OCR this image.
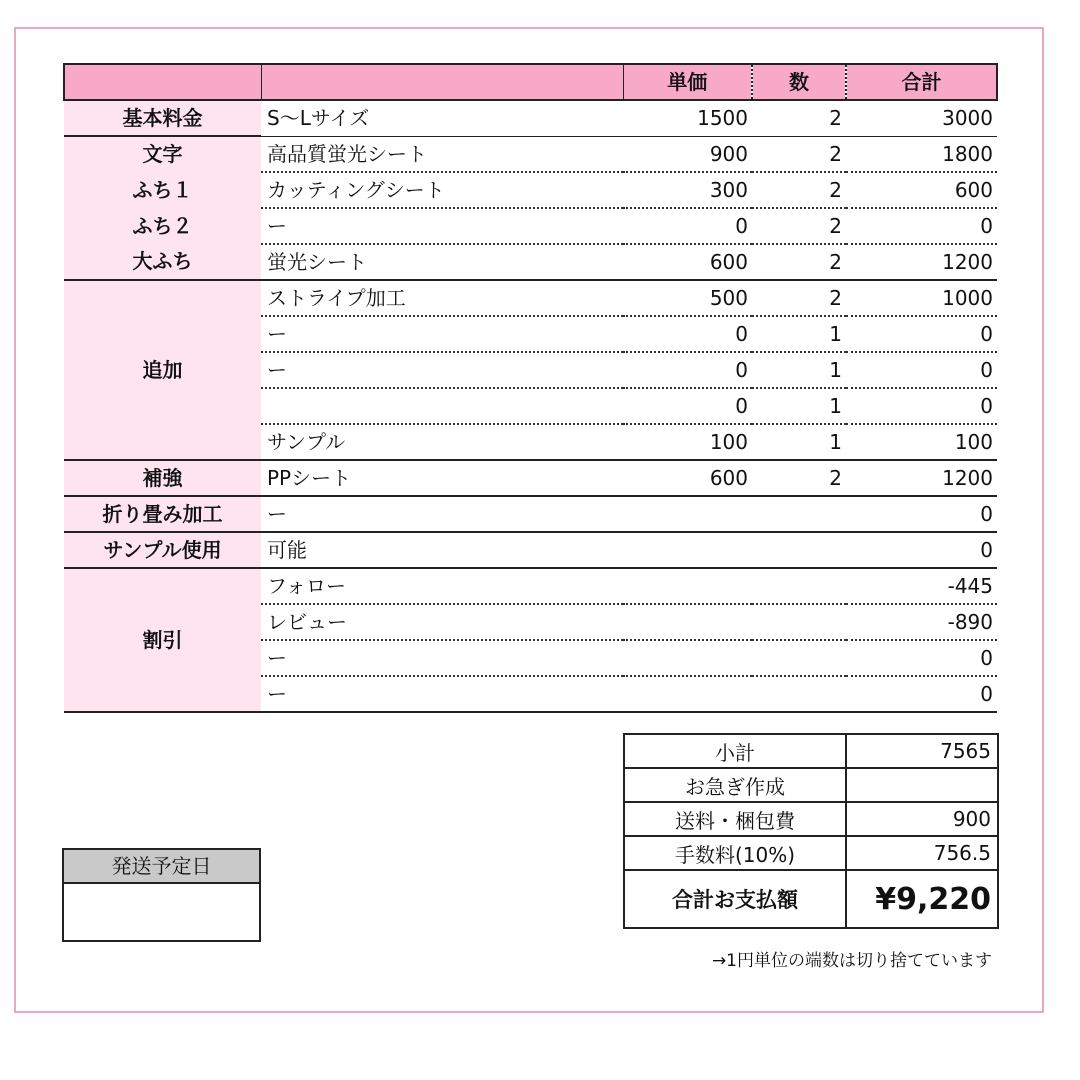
		単価	数	合計
基本料金	S〜Lサイズ	1500	2	3000
文字	高品質蛍光シート	900	2	1800
ふち１	カッティングシート	300	2	600
ふち２	ー	0	2	0
大ふち	蛍光シート	600	2	1200
追加	ストライプ加工	500	2	1000
	ー	0	1	0
	ー	0	1	0
		0	1	0
	サンプル	100	1	100
補強	PPシート	600	2	1200
折り畳み加工	ー			0
サンプル使用	可能			0
割引	フォロー			-445
	レビュー			-890
	ー			0
	ー			0
小計	7565
お急ぎ作成	
送料・梱包費	900
手数料(10%)	756.5
合計お支払額	¥9,220
→1円単位の端数は切り捨てています
発送予定日
